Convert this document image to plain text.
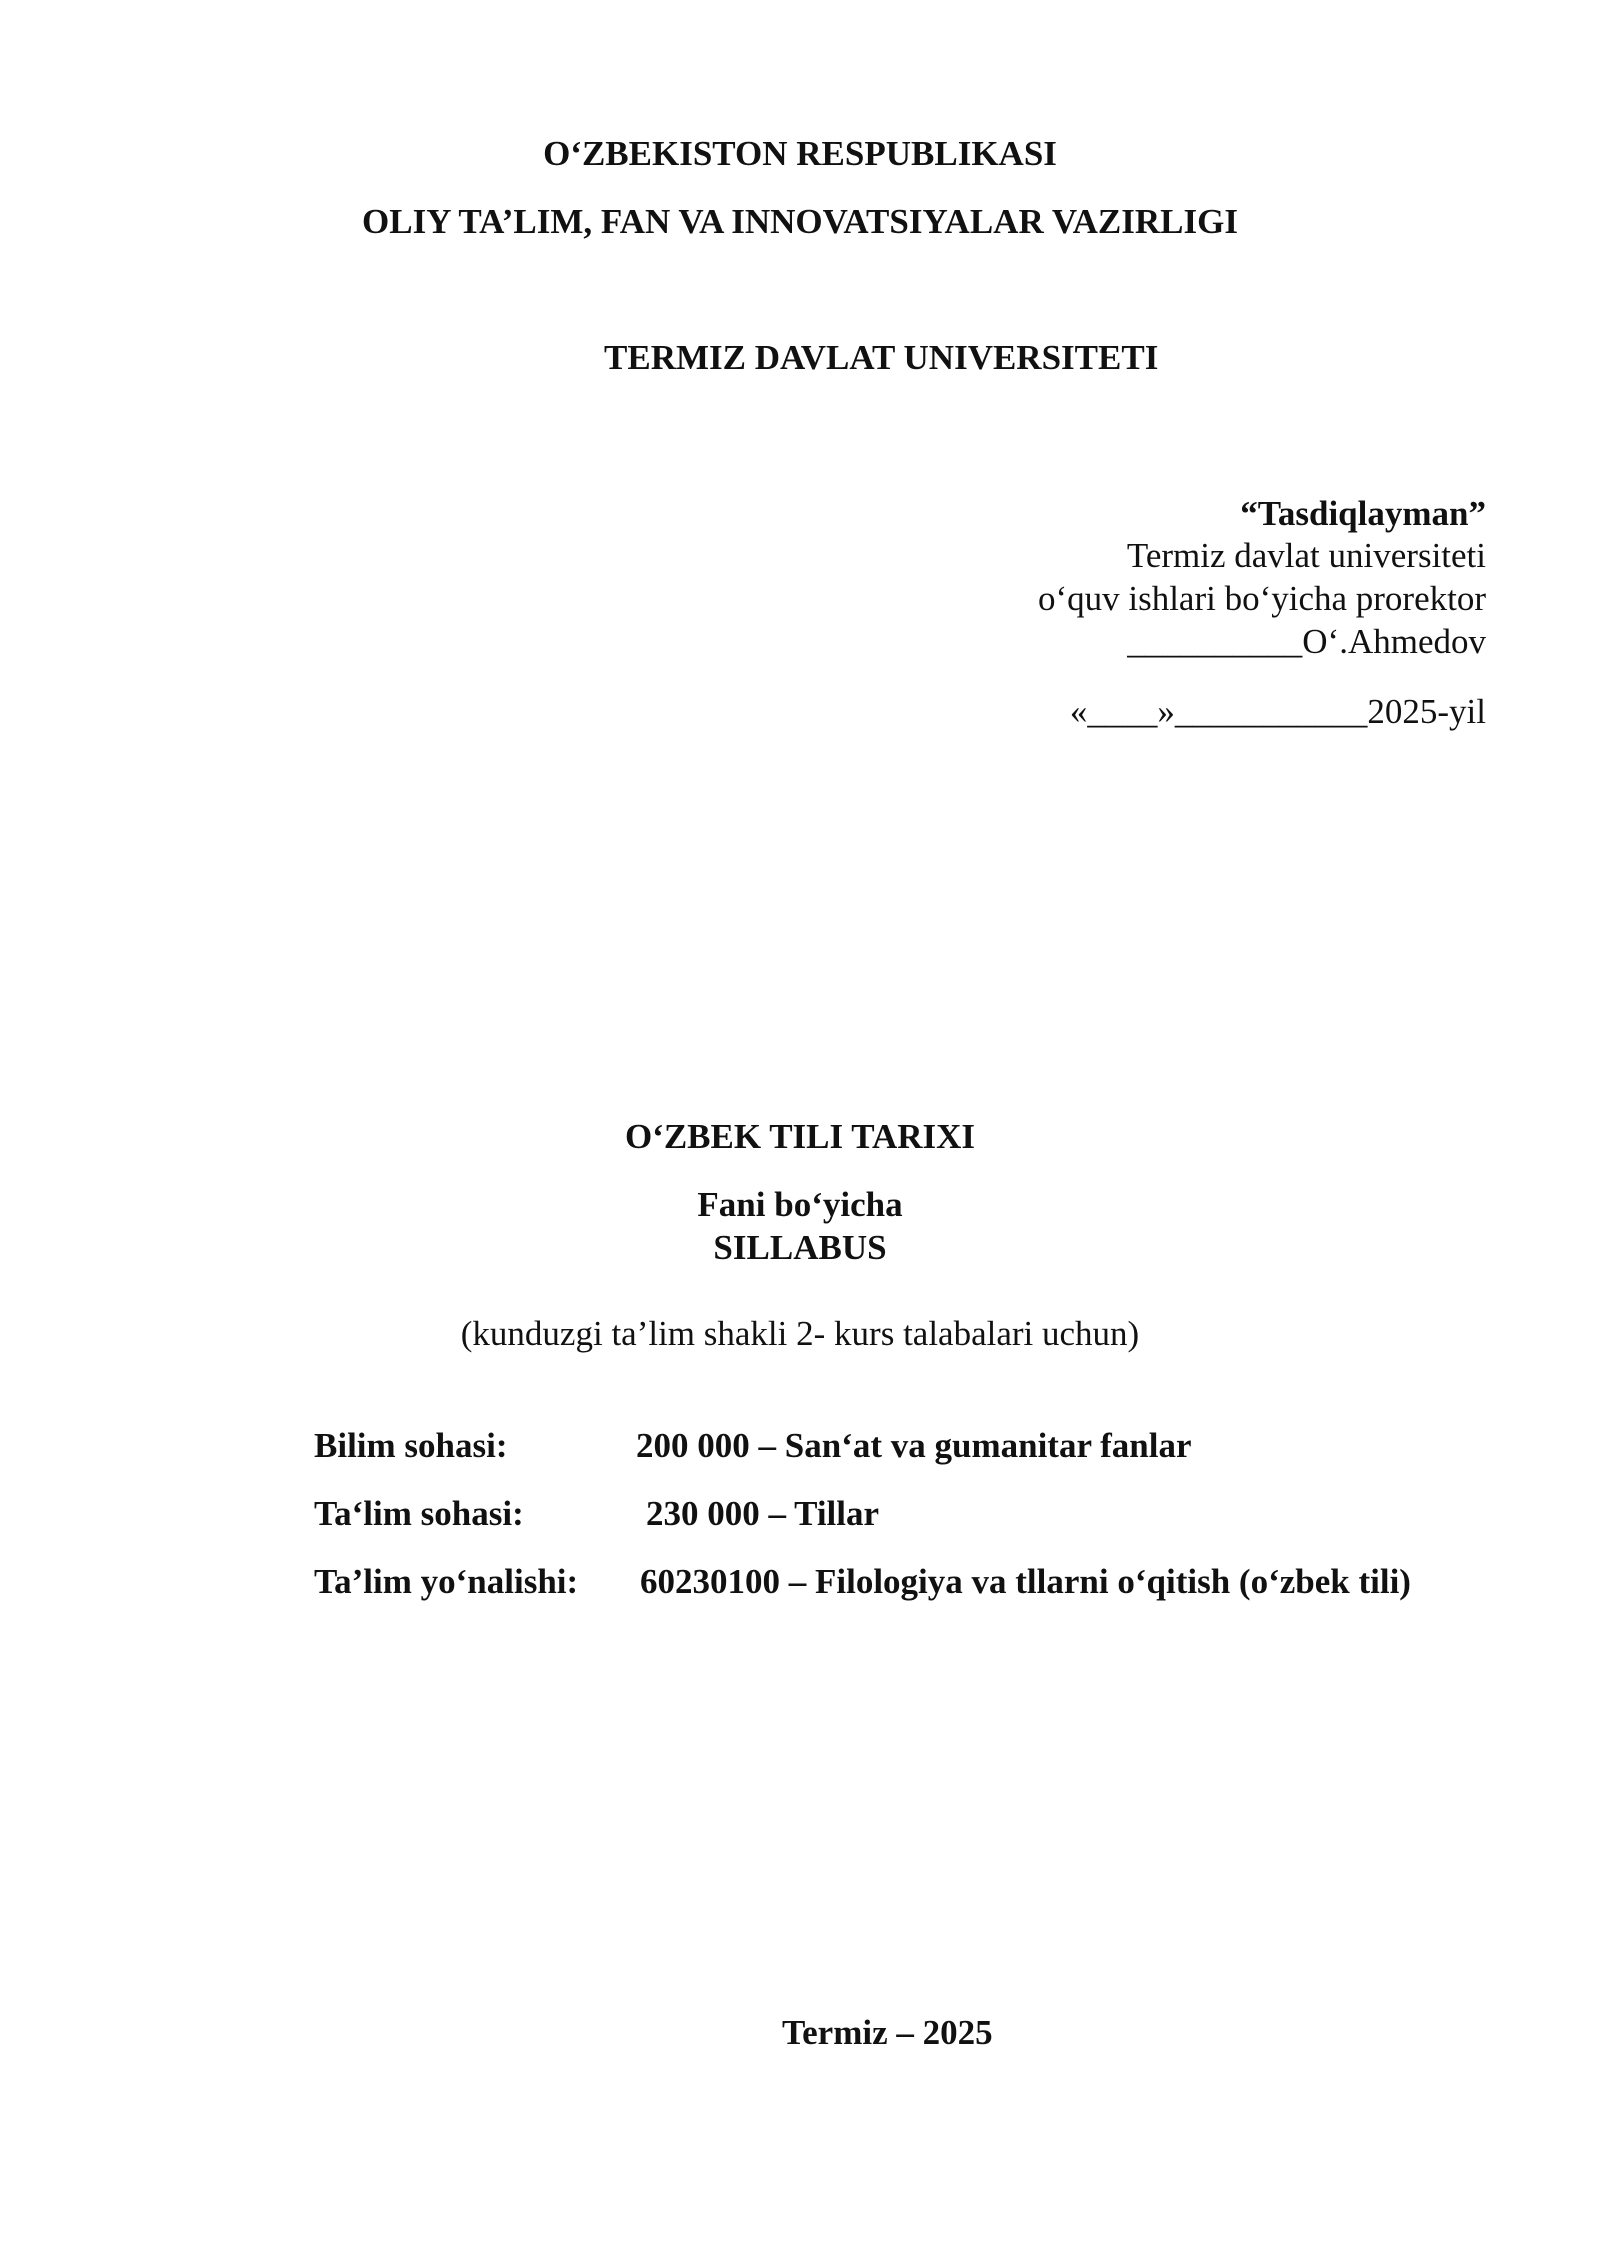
O‘ZBEKISTON RESPUBLIKASI
OLIY TA’LIM, FAN VA INNOVATSIYALAR VAZIRLIGI
TERMIZ DAVLAT UNIVERSITETI
“Tasdiqlayman”
Termiz davlat universiteti
o‘quv ishlari bo‘yicha prorektor
__________O‘.Ahmedov
«____»___________2025-yil
O‘ZBEK TILI TARIXI
Fani bo‘yicha
SILLABUS
(kunduzgi ta’lim shakli 2- kurs talabalari uchun)
Bilim sohasi:	200 000 – San‘at va gumanitar fanlar
Ta‘lim sohasi:	230 000 – Tillar
Ta’lim yo‘nalishi: 60230100 – Filologiya va tllarni o‘qitish (o‘zbek tili)
Termiz – 2025
